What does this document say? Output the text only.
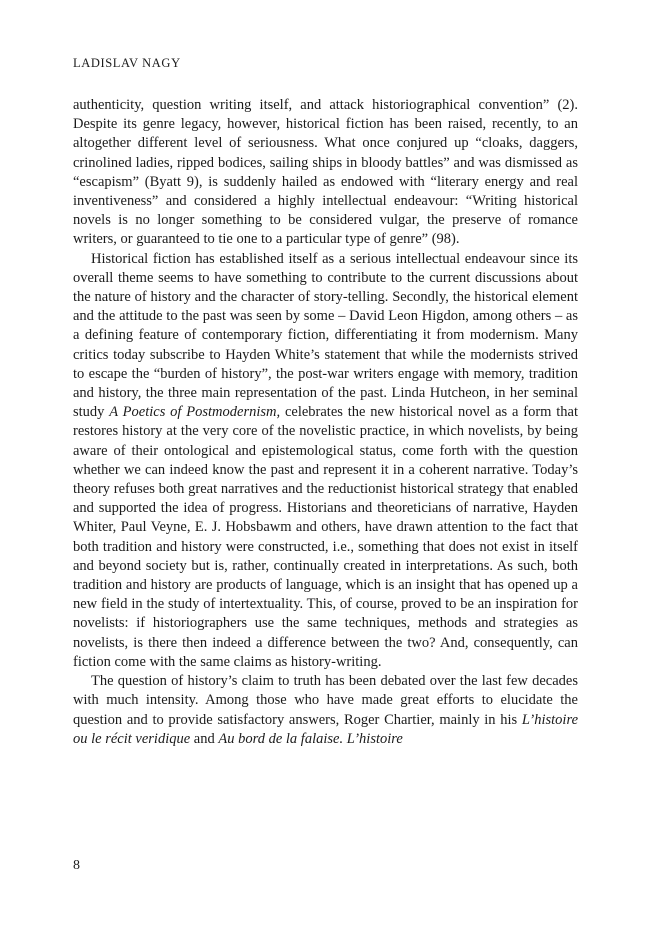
LADISLAV NAGY

authenticity, question writing itself, and attack historiographical convention” (2). Despite its genre legacy, however, historical fiction has been raised, recently, to an altogether different level of seriousness. What once conjured up “cloaks, daggers, crinolined ladies, ripped bodices, sailing ships in bloody battles” and was dismissed as “escapism” (Byatt 9), is suddenly hailed as endowed with “literary energy and real inventiveness” and considered a highly intellectual endeavour: “Writing historical novels is no longer something to be considered vulgar, the preserve of romance writers, or guaranteed to tie one to a particular type of genre” (98).

Historical fiction has established itself as a serious intellectual endeavour since its overall theme seems to have something to contribute to the current discussions about the nature of history and the character of story-telling. Secondly, the historical element and the attitude to the past was seen by some – David Leon Higdon, among others – as a defining feature of contemporary fiction, differentiating it from modernism. Many critics today subscribe to Hayden White’s statement that while the modernists strived to escape the “burden of history”, the post-war writers engage with memory, tradition and history, the three main representation of the past. Linda Hutcheon, in her seminal study A Poetics of Postmodernism, celebrates the new historical novel as a form that restores history at the very core of the novelistic practice, in which novelists, by being aware of their ontological and epistemological status, come forth with the question whether we can indeed know the past and represent it in a coherent narrative. Today’s theory refuses both great narratives and the reductionist historical strategy that enabled and supported the idea of progress. Historians and theoreticians of narrative, Hayden Whiter, Paul Veyne, E. J. Hobsbawm and others, have drawn attention to the fact that both tradition and history were constructed, i.e., something that does not exist in itself and beyond society but is, rather, continually created in interpretations. As such, both tradition and history are products of language, which is an insight that has opened up a new field in the study of intertextuality. This, of course, proved to be an inspiration for novelists: if historiographers use the same techniques, methods and strategies as novelists, is there then indeed a difference between the two? And, consequently, can fiction come with the same claims as history-writing.

The question of history’s claim to truth has been debated over the last few decades with much intensity. Among those who have made great efforts to elucidate the question and to provide satisfactory answers, Roger Chartier, mainly in his L’histoire ou le récit veridique and Au bord de la falaise. L’histoire

8
